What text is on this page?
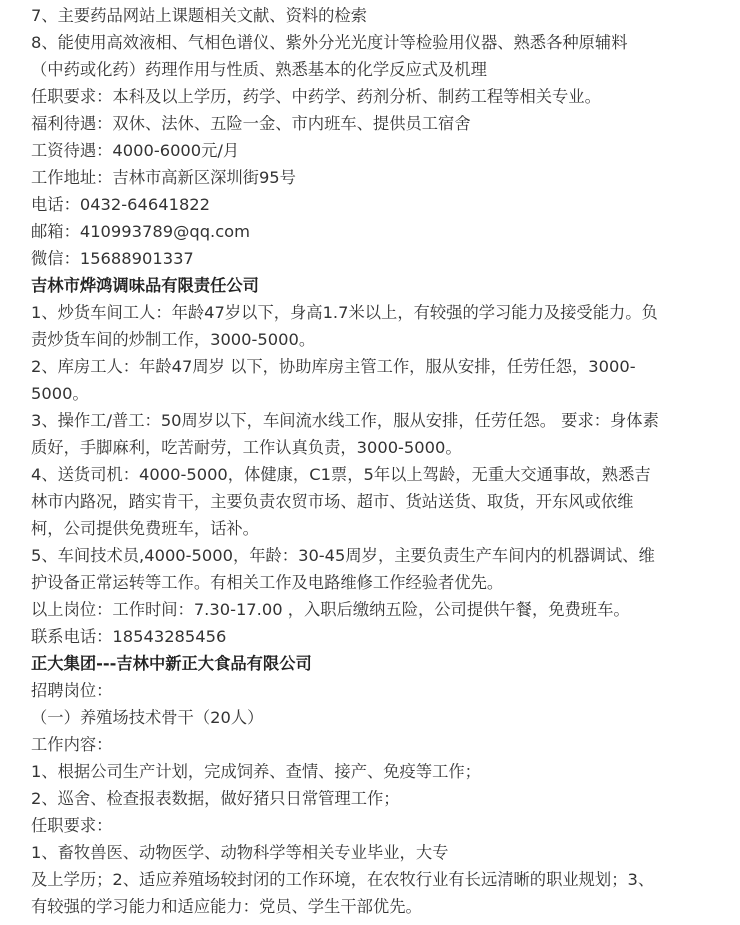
7、主要药品网站上课题相关文献、资料的检索
8、能使用高效液相、气相色谱仪、紫外分光光度计等检验用仪器、熟悉各种原辅料
（中药或化药）药理作用与性质、熟悉基本的化学反应式及机理
任职要求：本科及以上学历，药学、中药学、药剂分析、制药工程等相关专业。
福利待遇：双休、法休、五险一金、市内班车、提供员工宿舍
工资待遇：4000-6000元/月
工作地址：吉林市高新区深圳街95号
电话：0432-64641822
邮箱：410993789@qq.com
微信：15688901337
吉林市烨鸿调味品有限责任公司
1、炒货车间工人：年龄47岁以下，身高1.7米以上，有较强的学习能力及接受能力。负
责炒货车间的炒制工作，3000-5000。
2、库房工人：年龄47周岁 以下，协助库房主管工作，服从安排，任劳任怨，3000-
5000。
3、操作工/普工：50周岁以下，车间流水线工作，服从安排，任劳任怨。 要求：身体素
质好，手脚麻利，吃苦耐劳，工作认真负责，3000-5000。
4、送货司机：4000-5000，体健康，C1票，5年以上驾龄，无重大交通事故，熟悉吉
林市内路况，踏实肯干，主要负责农贸市场、超市、货站送货、取货，开东风或依维
柯，公司提供免费班车，话补。
5、车间技术员,4000-5000，年龄：30-45周岁，主要负责生产车间内的机器调试、维
护设备正常运转等工作。有相关工作及电路维修工作经验者优先。
以上岗位：工作时间：7.30-17.00 ，入职后缴纳五险，公司提供午餐，免费班车。
联系电话：18543285456
正大集团---吉林中新正大食品有限公司
招聘岗位：
（一）养殖场技术骨干（20人）
工作内容：
1、根据公司生产计划，完成饲养、查情、接产、免疫等工作；
2、巡舍、检查报表数据，做好猪只日常管理工作；
任职要求：
1、畜牧兽医、动物医学、动物科学等相关专业毕业，大专
及上学历；2、适应养殖场较封闭的工作环境，在农牧行业有长远清晰的职业规划；3、
有较强的学习能力和适应能力：党员、学生干部优先。
